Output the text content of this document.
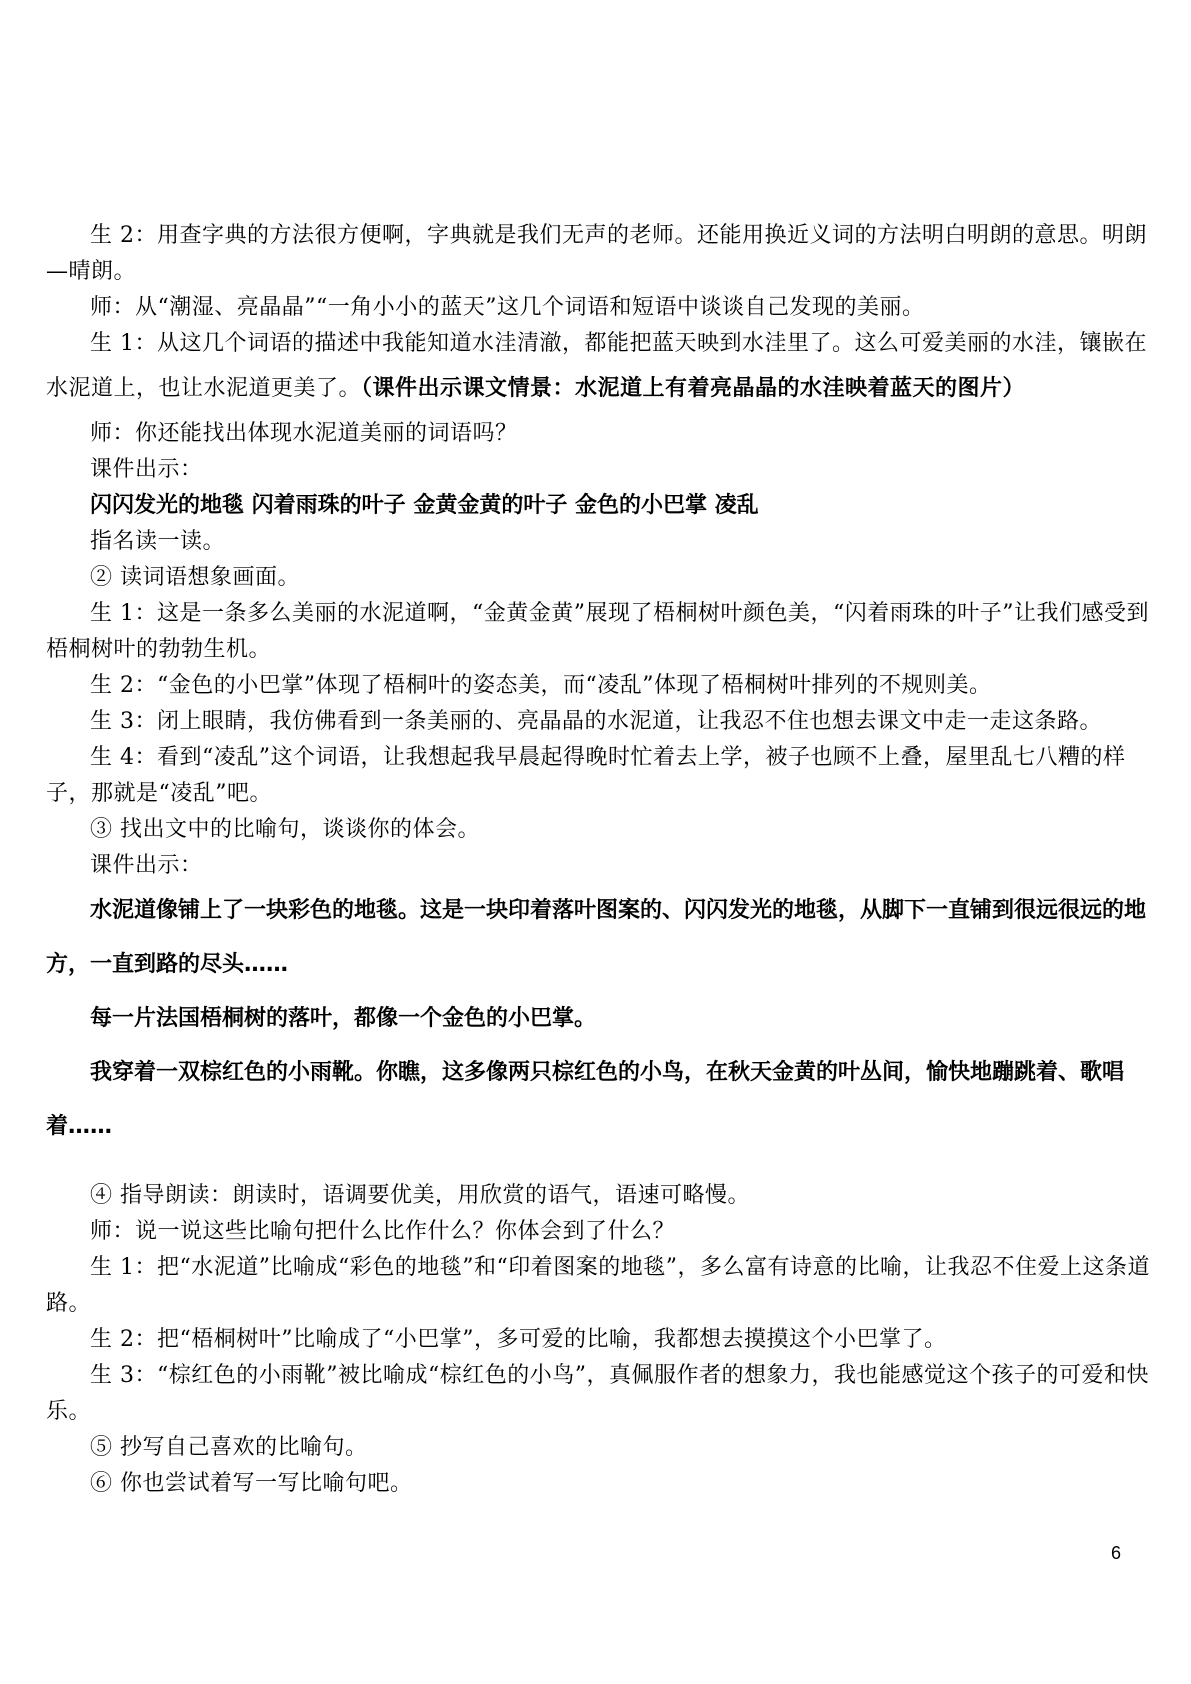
生 2：用查字典的方法很方便啊，字典就是我们无声的老师。还能用换近义词的方法明白明朗的意思。明朗—晴朗。

师：从“潮湿、亮晶晶”“一角小小的蓝天”这几个词语和短语中谈谈自己发现的美丽。

生 1：从这几个词语的描述中我能知道水洼清澈，都能把蓝天映到水洼里了。这么可爱美丽的水洼，镶嵌在水泥道上，也让水泥道更美了。（课件出示课文情景：水泥道上有着亮晶晶的水洼映着蓝天的图片）

师：你还能找出体现水泥道美丽的词语吗？

课件出示：

闪闪发光的地毯 闪着雨珠的叶子 金黄金黄的叶子 金色的小巴掌 凌乱

指名读一读。

② 读词语想象画面。

生 1：这是一条多么美丽的水泥道啊，“金黄金黄”展现了梧桐树叶颜色美，“闪着雨珠的叶子”让我们感受到梧桐树叶的勃勃生机。

生 2：“金色的小巴掌”体现了梧桐叶的姿态美，而“凌乱”体现了梧桐树叶排列的不规则美。

生 3：闭上眼睛，我仿佛看到一条美丽的、亮晶晶的水泥道，让我忍不住也想去课文中走一走这条路。

生 4：看到“凌乱”这个词语，让我想起我早晨起得晚时忙着去上学，被子也顾不上叠，屋里乱七八糟的样子，那就是“凌乱”吧。

③ 找出文中的比喻句，谈谈你的体会。

课件出示：

水泥道像铺上了一块彩色的地毯。这是一块印着落叶图案的、闪闪发光的地毯，从脚下一直铺到很远很远的地方，一直到路的尽头……

每一片法国梧桐树的落叶，都像一个金色的小巴掌。

我穿着一双棕红色的小雨靴。你瞧，这多像两只棕红色的小鸟，在秋天金黄的叶丛间，愉快地蹦跳着、歌唱着……

④ 指导朗读：朗读时，语调要优美，用欣赏的语气，语速可略慢。

师：说一说这些比喻句把什么比作什么？你体会到了什么？

生 1：把“水泥道”比喻成“彩色的地毯”和“印着图案的地毯”，多么富有诗意的比喻，让我忍不住爱上这条道路。

生 2：把“梧桐树叶”比喻成了“小巴掌”，多可爱的比喻，我都想去摸摸这个小巴掌了。

生 3：“棕红色的小雨靴”被比喻成“棕红色的小鸟”，真佩服作者的想象力，我也能感觉这个孩子的可爱和快乐。

⑤ 抄写自己喜欢的比喻句。

⑥ 你也尝试着写一写比喻句吧。

6
